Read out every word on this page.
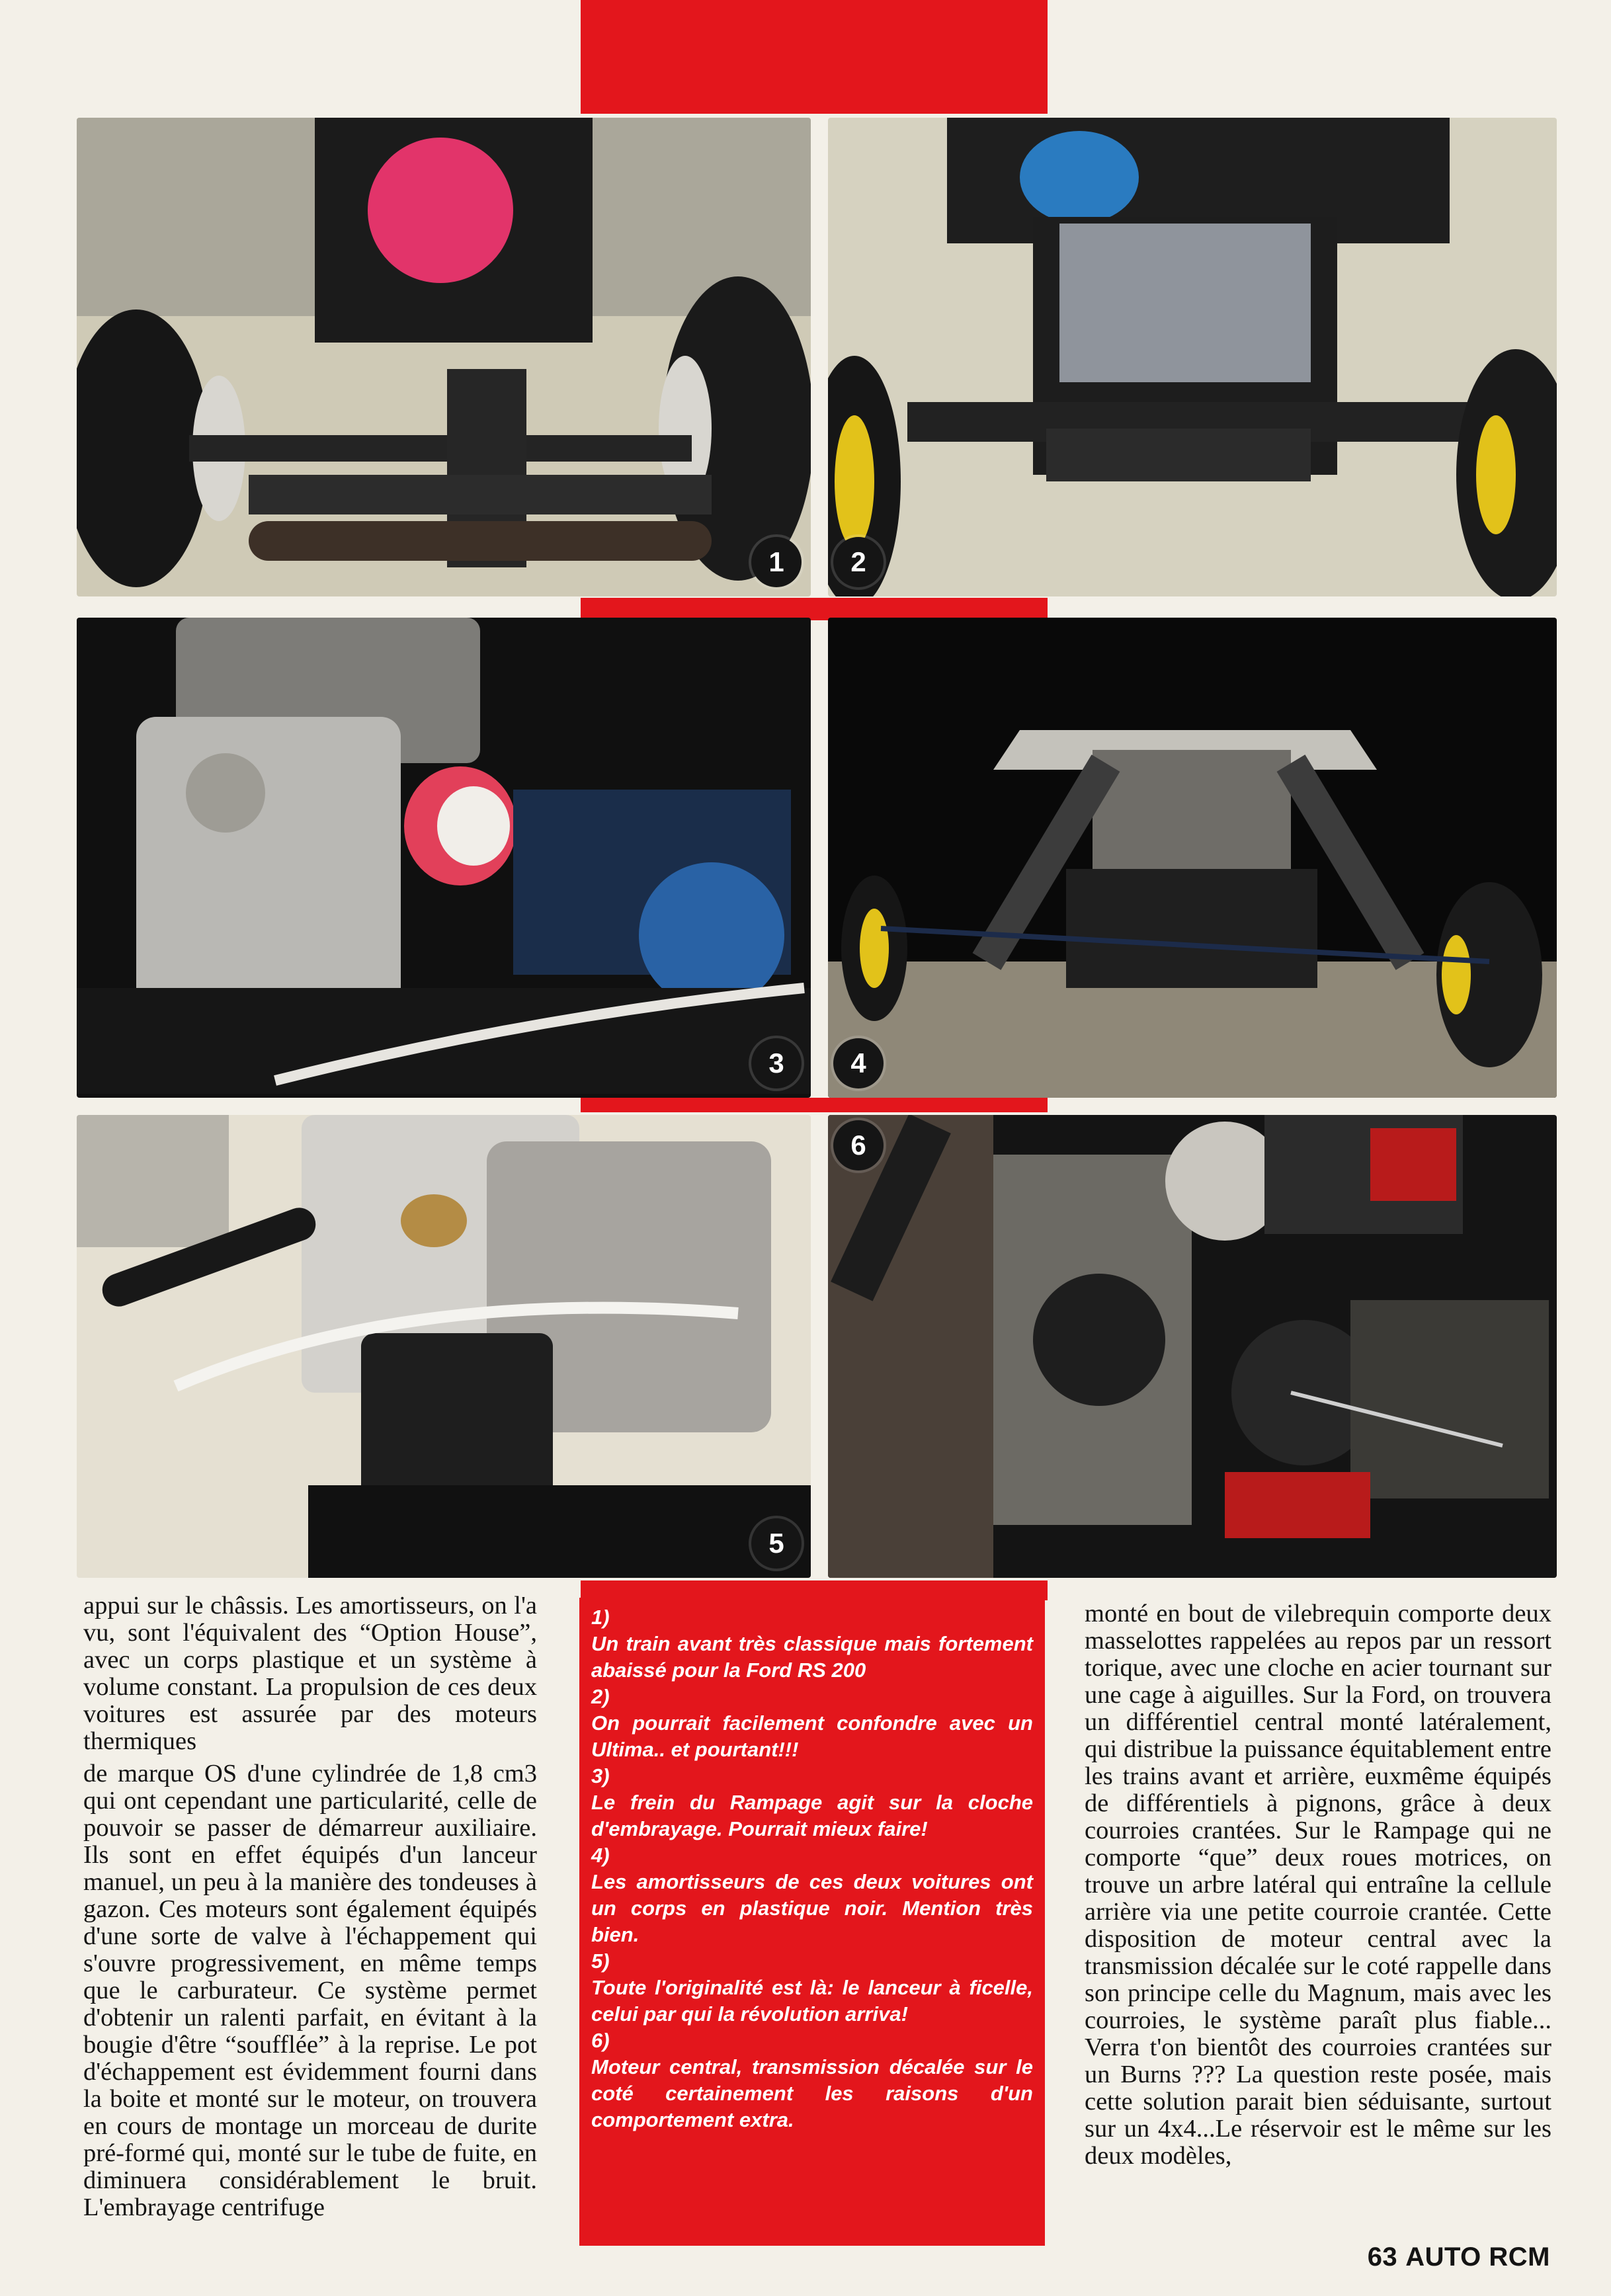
1	2
3	4
5
6

appui sur le châssis. Les amortisseurs, on l'a vu, sont l'équivalent des “Option House”, avec un corps plastique et un système à volume constant. La propulsion de ces deux voitures est assurée par des moteurs thermiques

de marque OS d'une cylindrée de 1,8 cm3 qui ont cependant une particularité, celle de pouvoir se passer de démarreur auxiliaire. Ils sont en effet équipés d'un lanceur manuel, un peu à la manière des tondeuses à gazon. Ces moteurs sont également équipés d'une sorte de valve à l'échappement qui s'ouvre progressivement, en même temps que le carburateur. Ce système permet d'obtenir un ralenti parfait, en évitant à la bougie d'être “soufflée” à la reprise. Le pot d'échappement est évidemment fourni dans la boite et monté sur le moteur, on trouvera en cours de montage un morceau de durite pré-formé qui, monté sur le tube de fuite, en diminuera considérablement le bruit. L'embrayage centrifuge

1)
Un train avant très classique mais fortement abaissé pour la Ford RS 200
2)
On pourrait facilement confondre avec un Ultima.. et pourtant!!!
3)
Le frein du Rampage agit sur la cloche d'embrayage. Pourrait mieux faire!
4)
Les amortisseurs de ces deux voitures ont un corps en plastique noir. Mention très bien.
5)
Toute l'originalité est là: le lanceur à ficelle, celui par qui la révolution arriva!
6)
Moteur central, transmission décalée sur le coté certainement les raisons d'un comportement extra.

monté en bout de vilebrequin comporte deux masselottes rappelées au repos par un ressort torique, avec une cloche en acier tournant sur une cage à aiguilles. Sur la Ford, on trouvera un différentiel central monté latéralement, qui distribue la puissance équitablement entre les trains avant et arrière, euxmême équipés de différentiels à pignons, grâce à deux courroies crantées. Sur le Rampage qui ne comporte “que” deux roues motrices, on trouve un arbre latéral qui entraîne la cellule arrière via une petite courroie crantée. Cette disposition de moteur central avec la transmission décalée sur le coté rappelle dans son principe celle du Magnum, mais avec les courroies, le système paraît plus fiable... Verra t'on bientôt des courroies crantées sur un Burns ??? La question reste posée, mais cette solution parait bien séduisante, surtout sur un 4x4...Le réservoir est le même sur les deux modèles,

63 AUTO RCM
